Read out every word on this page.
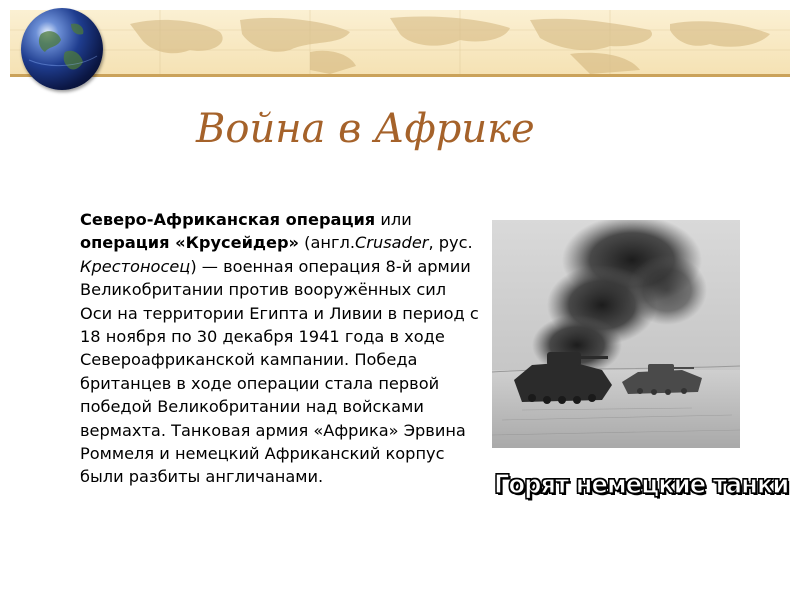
Война в Африке

Северо-Африканская операция или операция «Крусейдер» (англ.Crusader, рус. Крестоносец) — военная операция 8-й армии Великобритании против вооружённых сил Оси на территории Египта и Ливии в период с 18 ноября по 30 декабря 1941 года в ходе Североафриканской кампании. Победа британцев в ходе операции стала первой победой Великобритании над войсками вермахта. Танковая армия «Африка» Эрвина Роммеля и немецкий Африканский корпус были разбиты англичанами.	Горят немецкие танки
